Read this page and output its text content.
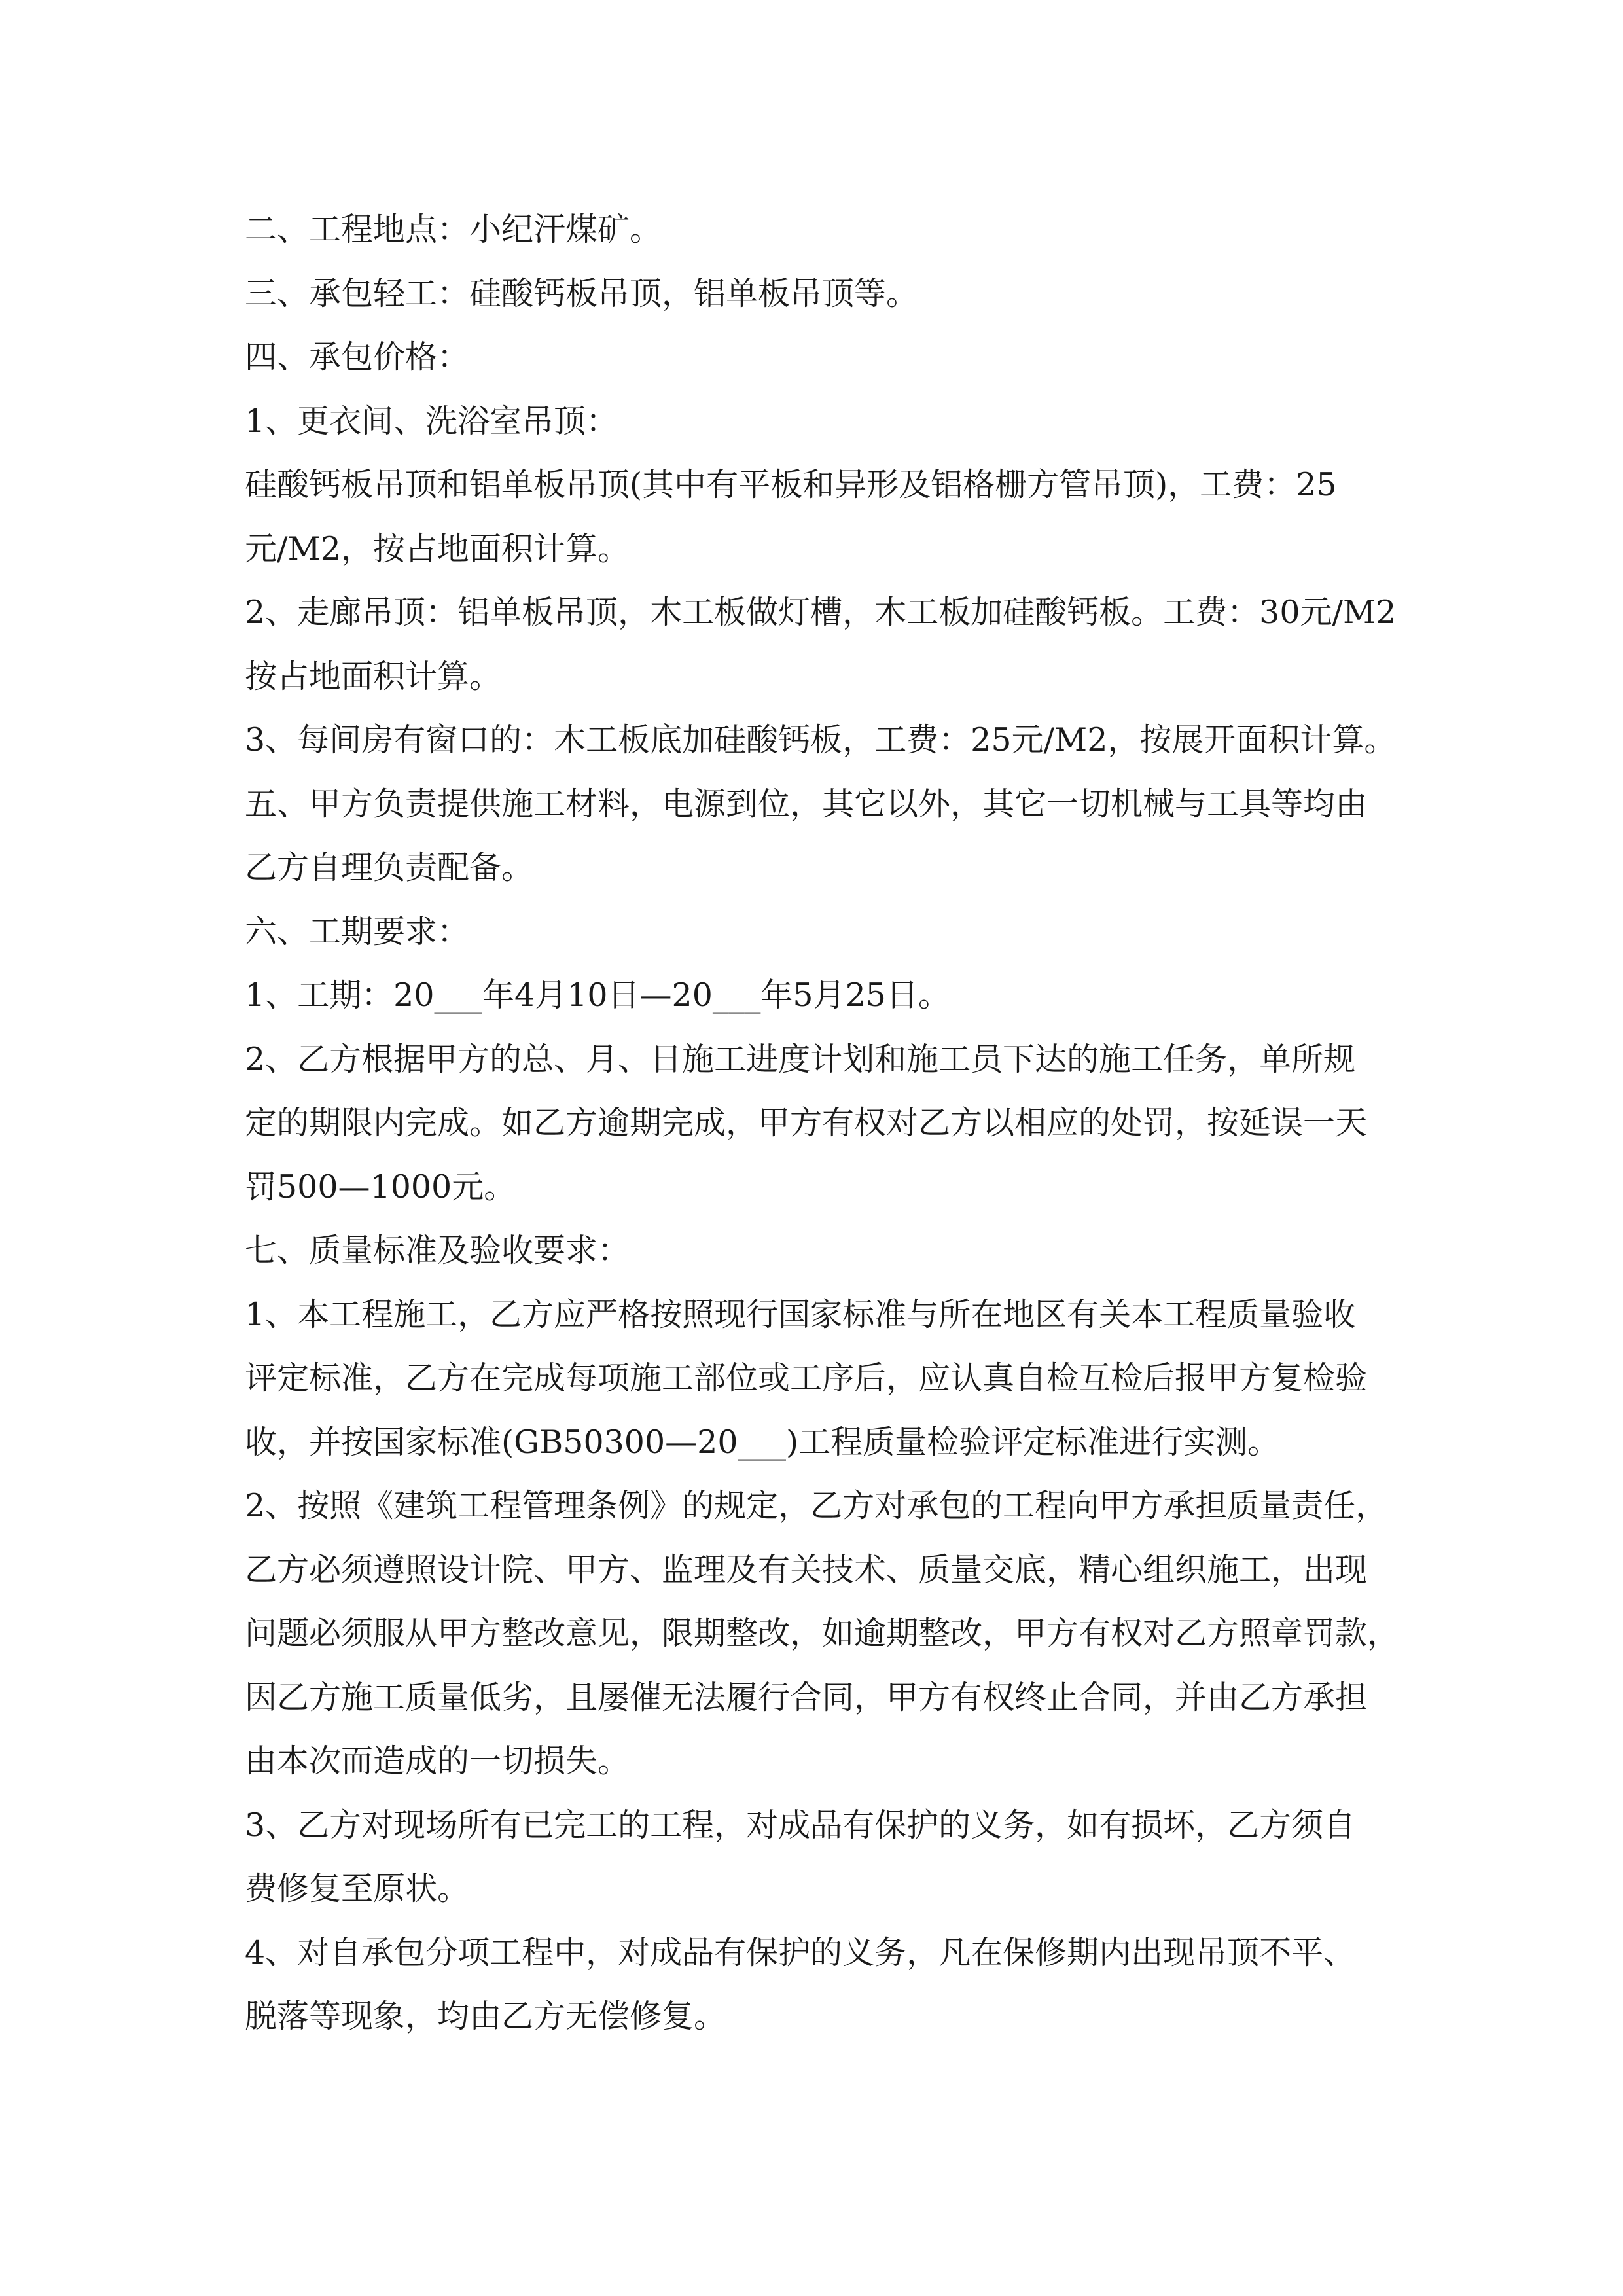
二、工程地点：小纪汗煤矿。
三、承包轻工：硅酸钙板吊顶，铝单板吊顶等。
四、承包价格：
1、更衣间、洗浴室吊顶：
硅酸钙板吊顶和铝单板吊顶(其中有平板和异形及铝格栅方管吊顶)，工费：25
元/M2，按占地面积计算。
2、走廊吊顶：铝单板吊顶，木工板做灯槽，木工板加硅酸钙板。工费：30元/M2
按占地面积计算。
3、每间房有窗口的：木工板底加硅酸钙板，工费：25元/M2，按展开面积计算。
五、甲方负责提供施工材料，电源到位，其它以外，其它一切机械与工具等均由
乙方自理负责配备。
六、工期要求：
1、工期：20___年4月10日—20___年5月25日。
2、乙方根据甲方的总、月、日施工进度计划和施工员下达的施工任务，单所规
定的期限内完成。如乙方逾期完成，甲方有权对乙方以相应的处罚，按延误一天
罚500—1000元。
七、质量标准及验收要求：
1、本工程施工，乙方应严格按照现行国家标准与所在地区有关本工程质量验收
评定标准，乙方在完成每项施工部位或工序后，应认真自检互检后报甲方复检验
收，并按国家标准(GB50300—20___)工程质量检验评定标准进行实测。
2、按照《建筑工程管理条例》的规定，乙方对承包的工程向甲方承担质量责任，
乙方必须遵照设计院、甲方、监理及有关技术、质量交底，精心组织施工，出现
问题必须服从甲方整改意见，限期整改，如逾期整改，甲方有权对乙方照章罚款，
因乙方施工质量低劣，且屡催无法履行合同，甲方有权终止合同，并由乙方承担
由本次而造成的一切损失。
3、乙方对现场所有已完工的工程，对成品有保护的义务，如有损坏，乙方须自
费修复至原状。
4、对自承包分项工程中，对成品有保护的义务，凡在保修期内出现吊顶不平、
脱落等现象，均由乙方无偿修复。
